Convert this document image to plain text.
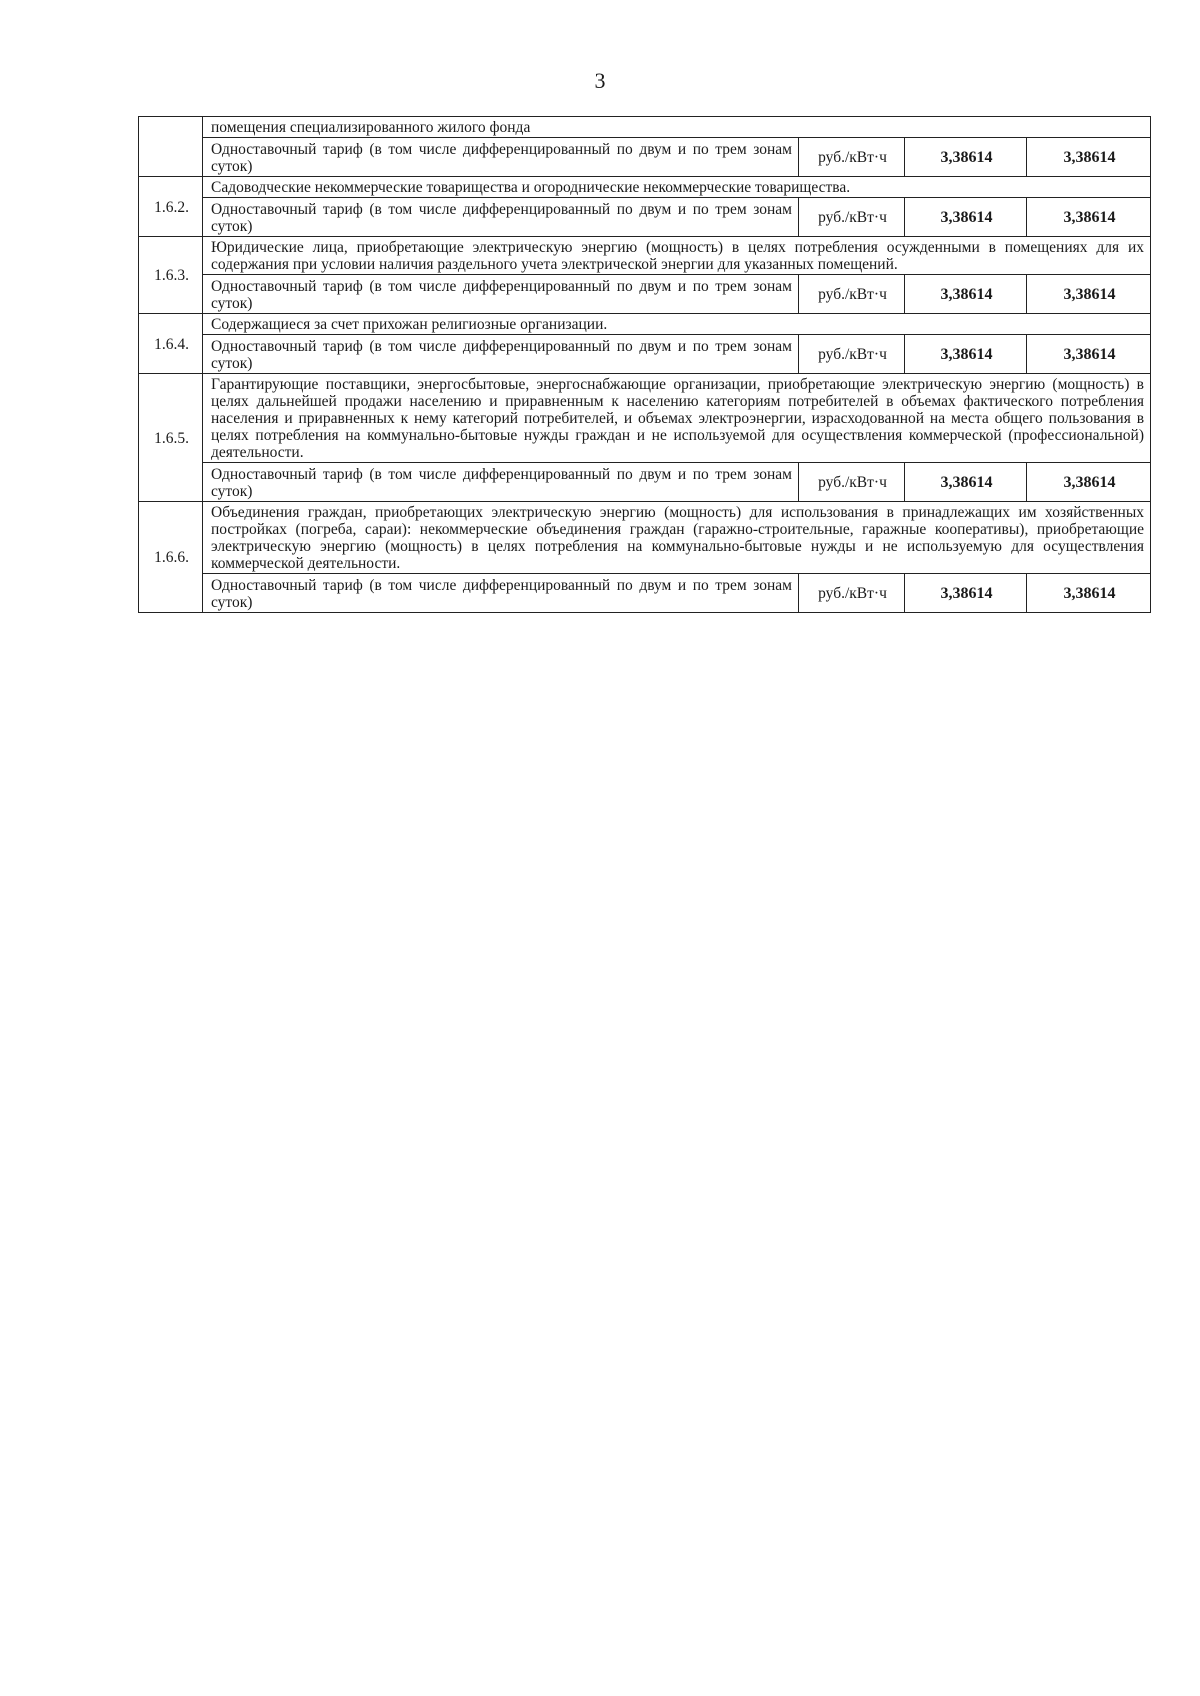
3
	помещения специализированного жилого фонда			
	Одноставочный тариф (в том числе дифференцированный по двум и по трем зонам суток)	руб./кВт·ч	3,38614	3,38614
1.6.2.	Садоводческие некоммерческие товарищества и огороднические некоммерческие товарищества.			
	Одноставочный тариф (в том числе дифференцированный по двум и по трем зонам суток)	руб./кВт·ч	3,38614	3,38614
1.6.3.	Юридические лица, приобретающие электрическую энергию (мощность) в целях потребления осужденными в помещениях для их содержания при условии наличия раздельного учета электрической энергии для указанных помещений.			
	Одноставочный тариф (в том числе дифференцированный по двум и по трем зонам суток)	руб./кВт·ч	3,38614	3,38614
1.6.4.	Содержащиеся за счет прихожан религиозные организации.			
	Одноставочный тариф (в том числе дифференцированный по двум и по трем зонам суток)	руб./кВт·ч	3,38614	3,38614
1.6.5.	Гарантирующие поставщики, энергосбытовые, энергоснабжающие организации, приобретающие электрическую энергию (мощность) в целях дальнейшей продажи населению и приравненным к населению категориям потребителей в объемах фактического потребления населения и приравненных к нему категорий потребителей, и объемах электроэнергии, израсходованной на места общего пользования в целях потребления на коммунально-бытовые нужды граждан и не используемой для осуществления коммерческой (профессиональной) деятельности.			
	Одноставочный тариф (в том числе дифференцированный по двум и по трем зонам суток)	руб./кВт·ч	3,38614	3,38614
1.6.6.	Объединения граждан, приобретающих электрическую энергию (мощность) для использования в принадлежащих им хозяйственных постройках (погреба, сараи): некоммерческие объединения граждан (гаражно-строительные, гаражные кооперативы), приобретающие электрическую энергию (мощность) в целях потребления на коммунально-бытовые нужды и не используемую для осуществления коммерческой деятельности.			
	Одноставочный тариф (в том числе дифференцированный по двум и по трем зонам суток)	руб./кВт·ч	3,38614	3,38614
